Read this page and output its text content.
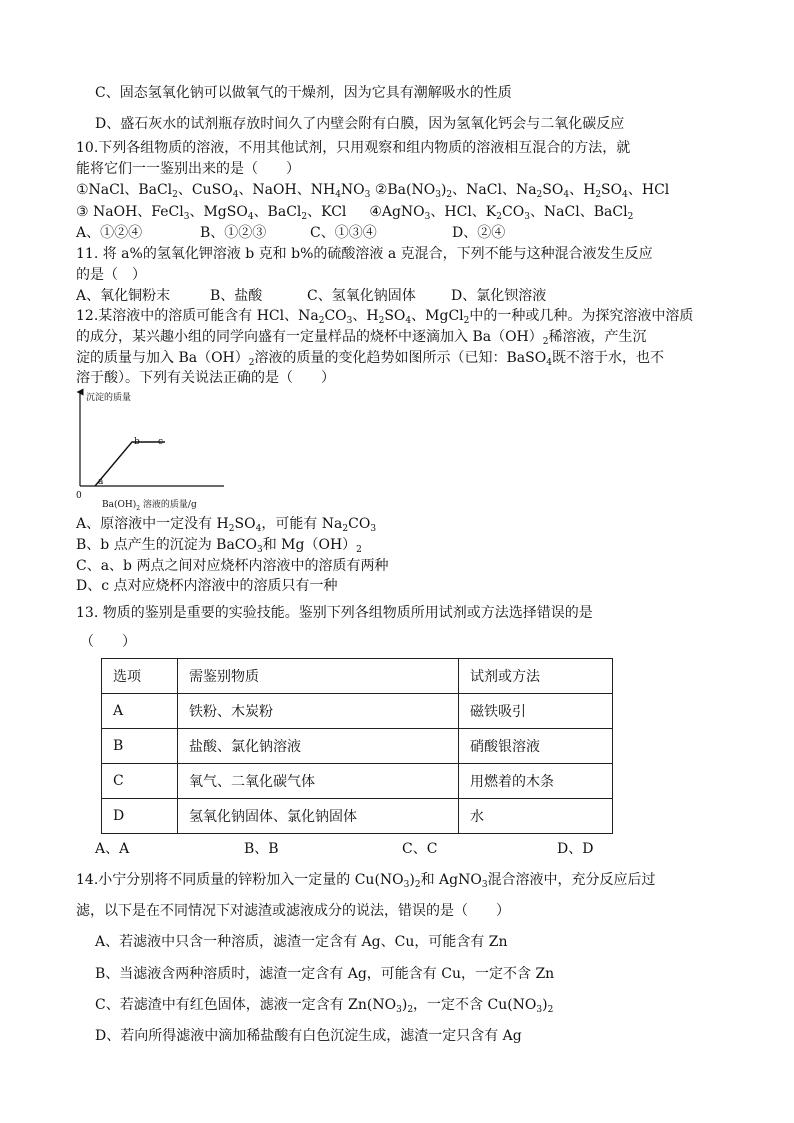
C、固态氢氧化钠可以做氧气的干燥剂，因为它具有潮解吸水的性质
D、盛石灰水的试剂瓶存放时间久了内壁会附有白膜，因为氢氧化钙会与二氧化碳反应
10.下列各组物质的溶液，不用其他试剂，只用观察和组内物质的溶液相互混合的方法，就
能将它们一一鉴别出来的是（　　）
①NaCl、BaCl$_2$、CuSO$_4$、NaOH、$NH_4NO_3$ $②Ba(NO_3)_2$、NaCl、$Na_2SO_4$、$H_2SO_4$、HCl
③ NaOH、FeCl$_3$、MgSO$_4$、BaCl$_2$、KCl ④AgNO$_3$、HCl、$K_2CO_3$、NaCl、BaCl$_2$
A、①②④	B、①②③	C、①③④	D、②④
11. 将 a%的氢氧化钾溶液 b 克和 b%的硫酸溶液 a 克混合，下列不能与这种混合液发生反应
的是（　）
A、氧化铜粉末	B、盐酸	C、氢氧化钠固体	D、氯化钡溶液
12.某溶液中的溶质可能含有 HCl、$Na_2CO_3$、$H_2SO_4$、MgCl$_2$中的一种或几种。为探究溶液中溶质
的成分，某兴趣小组的同学向盛有一定量样品的烧杯中逐滴加入 $Ba(OH)_2$稀溶液，产生沉
淀的质量与加入 $Ba(OH)_2$溶液的质量的变化趋势如图所示（已知：BaSO$_4$既不溶于水，也不
溶于酸）。下列有关说法正确的是（　　）
沉淀的质量
0
a
b c
$Ba(OH)_2$ 溶液的质量/g
A、原溶液中一定没有 $H_2SO_4$，可能有 $Na_2CO_3$
B、b 点产生的沉淀为 BaCO$_3$和 $Mg(OH)_2$
C、a、b 两点之间对应烧杯内溶液中的溶质有两种
D、c 点对应烧杯内溶液中的溶质只有一种
13. 物质的鉴别是重要的实验技能。鉴别下列各组物质所用试剂或方法选择错误的是
（　　）
选项	需鉴别物质	试剂或方法
A	铁粉、木炭粉	磁铁吸引
B	盐酸、氯化钠溶液	硝酸银溶液
C	氧气、二氧化碳气体	用燃着的木条
D	氢氧化钠固体、氯化钠固体	水
A、A	B、B	C、C	D、D
14.小宁分别将不同质量的锌粉加入一定量的 $Cu(NO_3)_2$和 AgNO$_3$混合溶液中，充分反应后过
滤，以下是在不同情况下对滤渣或滤液成分的说法，错误的是（　　）
A、若滤液中只含一种溶质，滤渣一定含有 Ag、Cu，可能含有 Zn
B、当滤液含两种溶质时，滤渣一定含有 Ag，可能含有 Cu，一定不含 Zn
C、若滤渣中有红色固体，滤液一定含有 $Zn(NO_3)_2$，一定不含 $Cu(NO_3)_2$
D、若向所得滤液中滴加稀盐酸有白色沉淀生成，滤渣一定只含有 Ag
